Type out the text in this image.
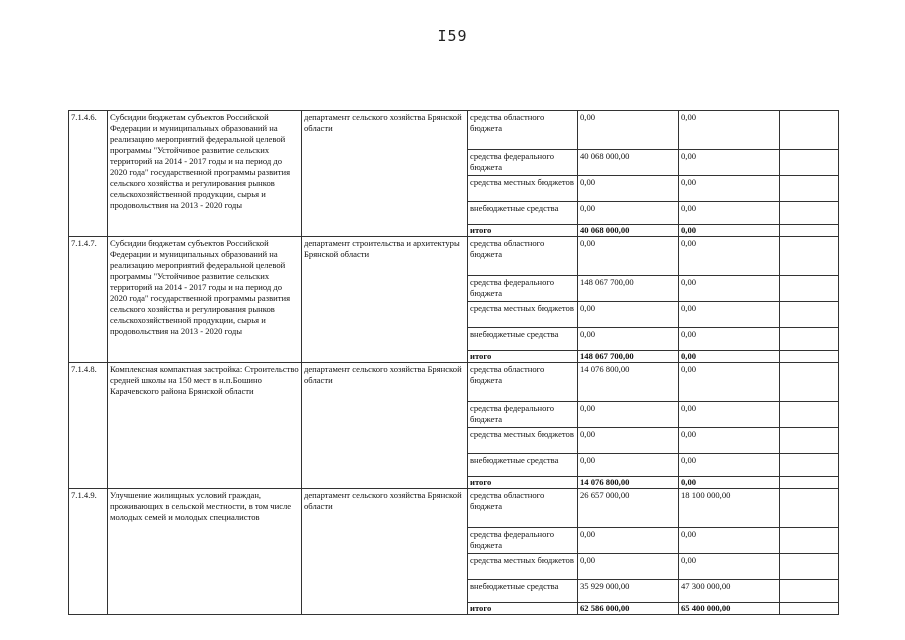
I59
7.1.4.6.	Субсидии бюджетам субъектов Российской Федерации и муниципальных образований на реализацию мероприятий федеральной целевой программы "Устойчивое развитие сельских территорий на 2014 - 2017 годы и на период до 2020 года" государственной программы развития сельского хозяйства и регулирования рынков сельскохозяйственной продукции, сырья и продовольствия на 2013 - 2020 годы	департамент сельского хозяйства Брянской области	средства областного бюджета	0,00	0,00	
			средства федерального бюджета	40 068 000,00	0,00	
			средства местных бюджетов	0,00	0,00	
			внебюджетные средства	0,00	0,00	
			итого	40 068 000,00	0,00	
7.1.4.7.	Субсидии бюджетам субъектов Российской Федерации и муниципальных образований на реализацию мероприятий федеральной целевой программы "Устойчивое развитие сельских территорий на 2014 - 2017 годы и на период до 2020 года" государственной программы развития сельского хозяйства и регулирования рынков сельскохозяйственной продукции, сырья и продовольствия на 2013 - 2020 годы	департамент строительства и архитектуры Брянской области	средства областного бюджета	0,00	0,00	
			средства федерального бюджета	148 067 700,00	0,00	
			средства местных бюджетов	0,00	0,00	
			внебюджетные средства	0,00	0,00	
			итого	148 067 700,00	0,00	
7.1.4.8.	Комплексная компактная застройка: Строительство средней школы на 150 мест в н.п.Бошино Карачевского района Брянской области	департамент сельского хозяйства Брянской области	средства областного бюджета	14 076 800,00	0,00	
			средства федерального бюджета	0,00	0,00	
			средства местных бюджетов	0,00	0,00	
			внебюджетные средства	0,00	0,00	
			итого	14 076 800,00	0,00	
7.1.4.9.	Улучшение жилищных условий граждан, проживающих в сельской местности, в том числе молодых семей и молодых специалистов	департамент сельского хозяйства Брянской области	средства областного бюджета	26 657 000,00	18 100 000,00	
			средства федерального бюджета	0,00	0,00	
			средства местных бюджетов	0,00	0,00	
			внебюджетные средства	35 929 000,00	47 300 000,00	
			итого	62 586 000,00	65 400 000,00	
